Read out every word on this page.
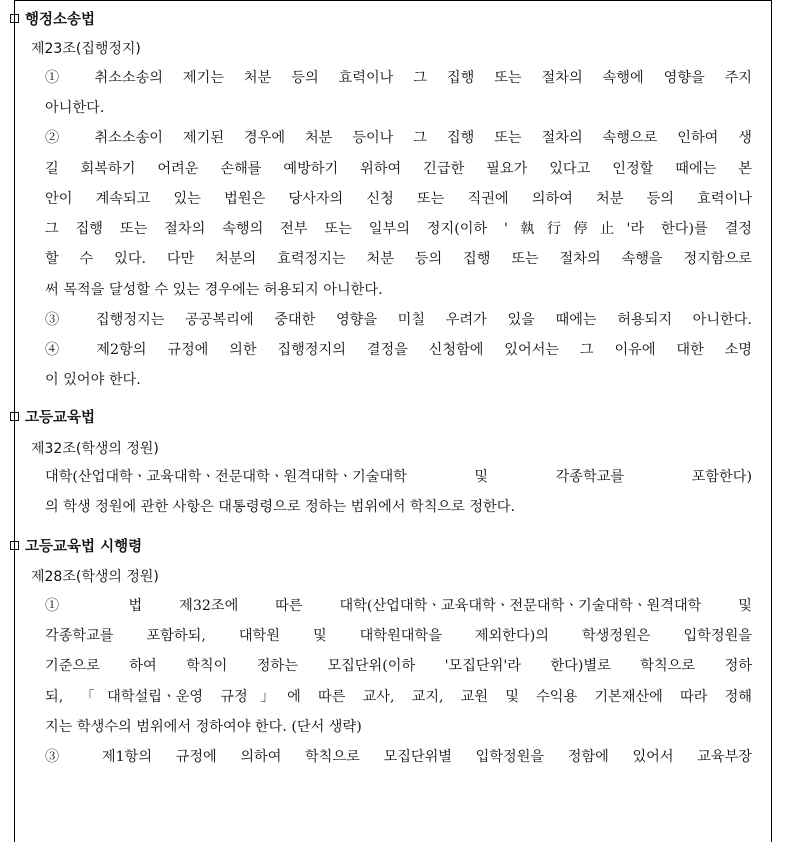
행정소송법
제23조(집행정지)
① 취소소송의 제기는 처분 등의 효력이나 그 집행 또는 절차의 속행에 영향을 주지
아니한다.
② 취소소송이 제기된 경우에 처분 등이나 그 집행 또는 절차의 속행으로 인하여 생
길 회복하기 어려운 손해를 예방하기 위하여 긴급한 필요가 있다고 인정할 때에는 본
안이 계속되고 있는 법원은 당사자의 신청 또는 직권에 의하여 처분 등의 효력이나
그 집행 또는 절차의 속행의 전부 또는 일부의 정지(이하 '執行停止'라 한다)를 결정
할 수 있다. 다만 처분의 효력정지는 처분 등의 집행 또는 절차의 속행을 정지함으로
써 목적을 달성할 수 있는 경우에는 허용되지 아니한다.
③ 집행정지는 공공복리에 중대한 영향을 미칠 우려가 있을 때에는 허용되지 아니한다.
④ 제2항의 규정에 의한 집행정지의 결정을 신청함에 있어서는 그 이유에 대한 소명
이 있어야 한다.
고등교육법
제32조(학생의 정원)
대학(산업대학ㆍ교육대학ㆍ전문대학ㆍ원격대학ㆍ기술대학 및 각종학교를 포함한다)
의 학생 정원에 관한 사항은 대통령령으로 정하는 범위에서 학칙으로 정한다.
고등교육법 시행령
제28조(학생의 정원)
① 법 제32조에 따른 대학(산업대학ㆍ교육대학ㆍ전문대학ㆍ기술대학ㆍ원격대학 및
각종학교를 포함하되, 대학원 및 대학원대학을 제외한다)의 학생정원은 입학정원을
기준으로 하여 학칙이 정하는 모집단위(이하 '모집단위'라 한다)별로 학칙으로 정하
되, 「대학설립ㆍ운영 규정」에 따른 교사, 교지, 교원 및 수익용 기본재산에 따라 정해
지는 학생수의 범위에서 정하여야 한다. (단서 생략)
③ 제1항의 규정에 의하여 학칙으로 모집단위별 입학정원을 정함에 있어서 교육부장
